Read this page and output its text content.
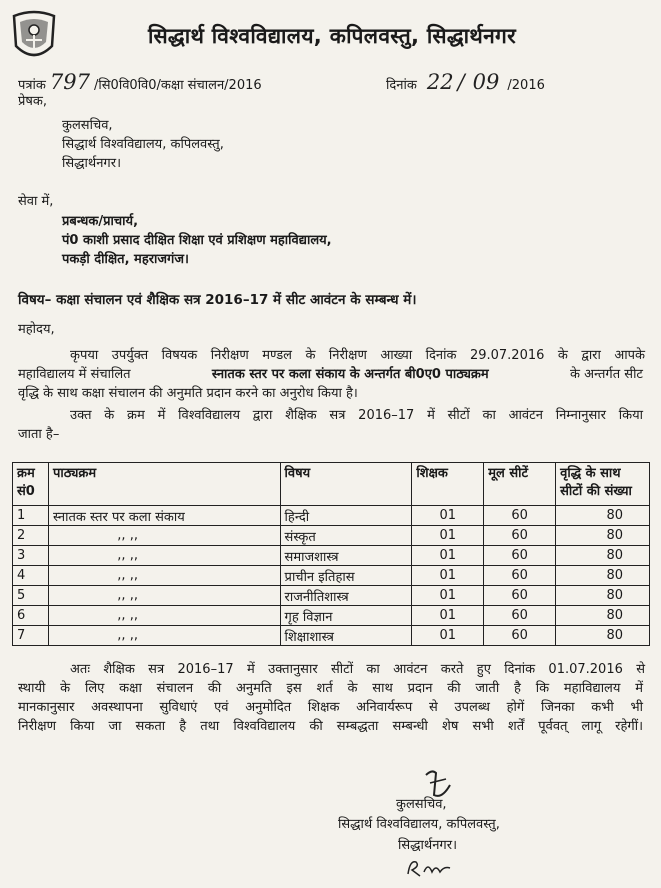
सिद्धार्थ विश्वविद्यालय, कपिलवस्तु, सिद्धार्थनगर
पत्रांक 797 /सि0वि0वि0/कक्षा संचालन/2016	दिनांक 22 / 09 /2016
प्रेषक,
कुलसचिव,
सिद्धार्थ विश्वविद्यालय, कपिलवस्तु,
सिद्धार्थनगर।
सेवा में,
प्रबन्धक/प्राचार्य,
पं0 काशी प्रसाद दीक्षित शिक्षा एवं प्रशिक्षण महाविद्यालय,
पकड़ी दीक्षित, महराजगंज।
विषय– कक्षा संचालन एवं शैक्षिक सत्र 2016–17 में सीट आवंटन के सम्बन्ध में।
महोदय,
कृपया उपर्युक्त विषयक निरीक्षण मण्डल के निरीक्षण आख्या दिनांक 29.07.2016 के द्वारा आपके
महाविद्यालय में संचालित	स्नातक स्तर पर कला संकाय के अन्तर्गत बी0ए0 पाठ्यक्रम	के अन्तर्गत सीट
वृद्धि के साथ कक्षा संचालन की अनुमति प्रदान करने का अनुरोध किया है।
उक्त के क्रम में विश्वविद्यालय द्वारा शैक्षिक सत्र 2016–17 में सीटों का आवंटन निम्नानुसार किया
जाता है–
क्रम सं0	पाठ्यक्रम	विषय	शिक्षक	मूल सीटें	वृद्धि के साथ सीटों की संख्या
1	स्नातक स्तर पर कला संकाय	हिन्दी	01	60	80
2	,, ,,	संस्कृत	01	60	80
3	,, ,,	समाजशास्त्र	01	60	80
4	,, ,,	प्राचीन इतिहास	01	60	80
5	,, ,,	राजनीतिशास्त्र	01	60	80
6	,, ,,	गृह विज्ञान	01	60	80
7	,, ,,	शिक्षाशास्त्र	01	60	80
अतः शैक्षिक सत्र 2016–17 में उक्तानुसार सीटों का आवंटन करते हुए दिनांक 01.07.2016 से
स्थायी के लिए कक्षा संचालन की अनुमति इस शर्त के साथ प्रदान की जाती है कि महाविद्यालय में
मानकानुसार अवस्थापना सुविधाएं एवं अनुमोदित शिक्षक अनिवार्यरूप से उपलब्ध होगें जिनका कभी भी
निरीक्षण किया जा सकता है तथा विश्वविद्यालय की सम्बद्धता सम्बन्धी शेष सभी शर्तें पूर्ववत् लागू रहेगीं।
कुलसचिव,
सिद्धार्थ विश्वविद्यालय, कपिलवस्तु,
सिद्धार्थनगर।
